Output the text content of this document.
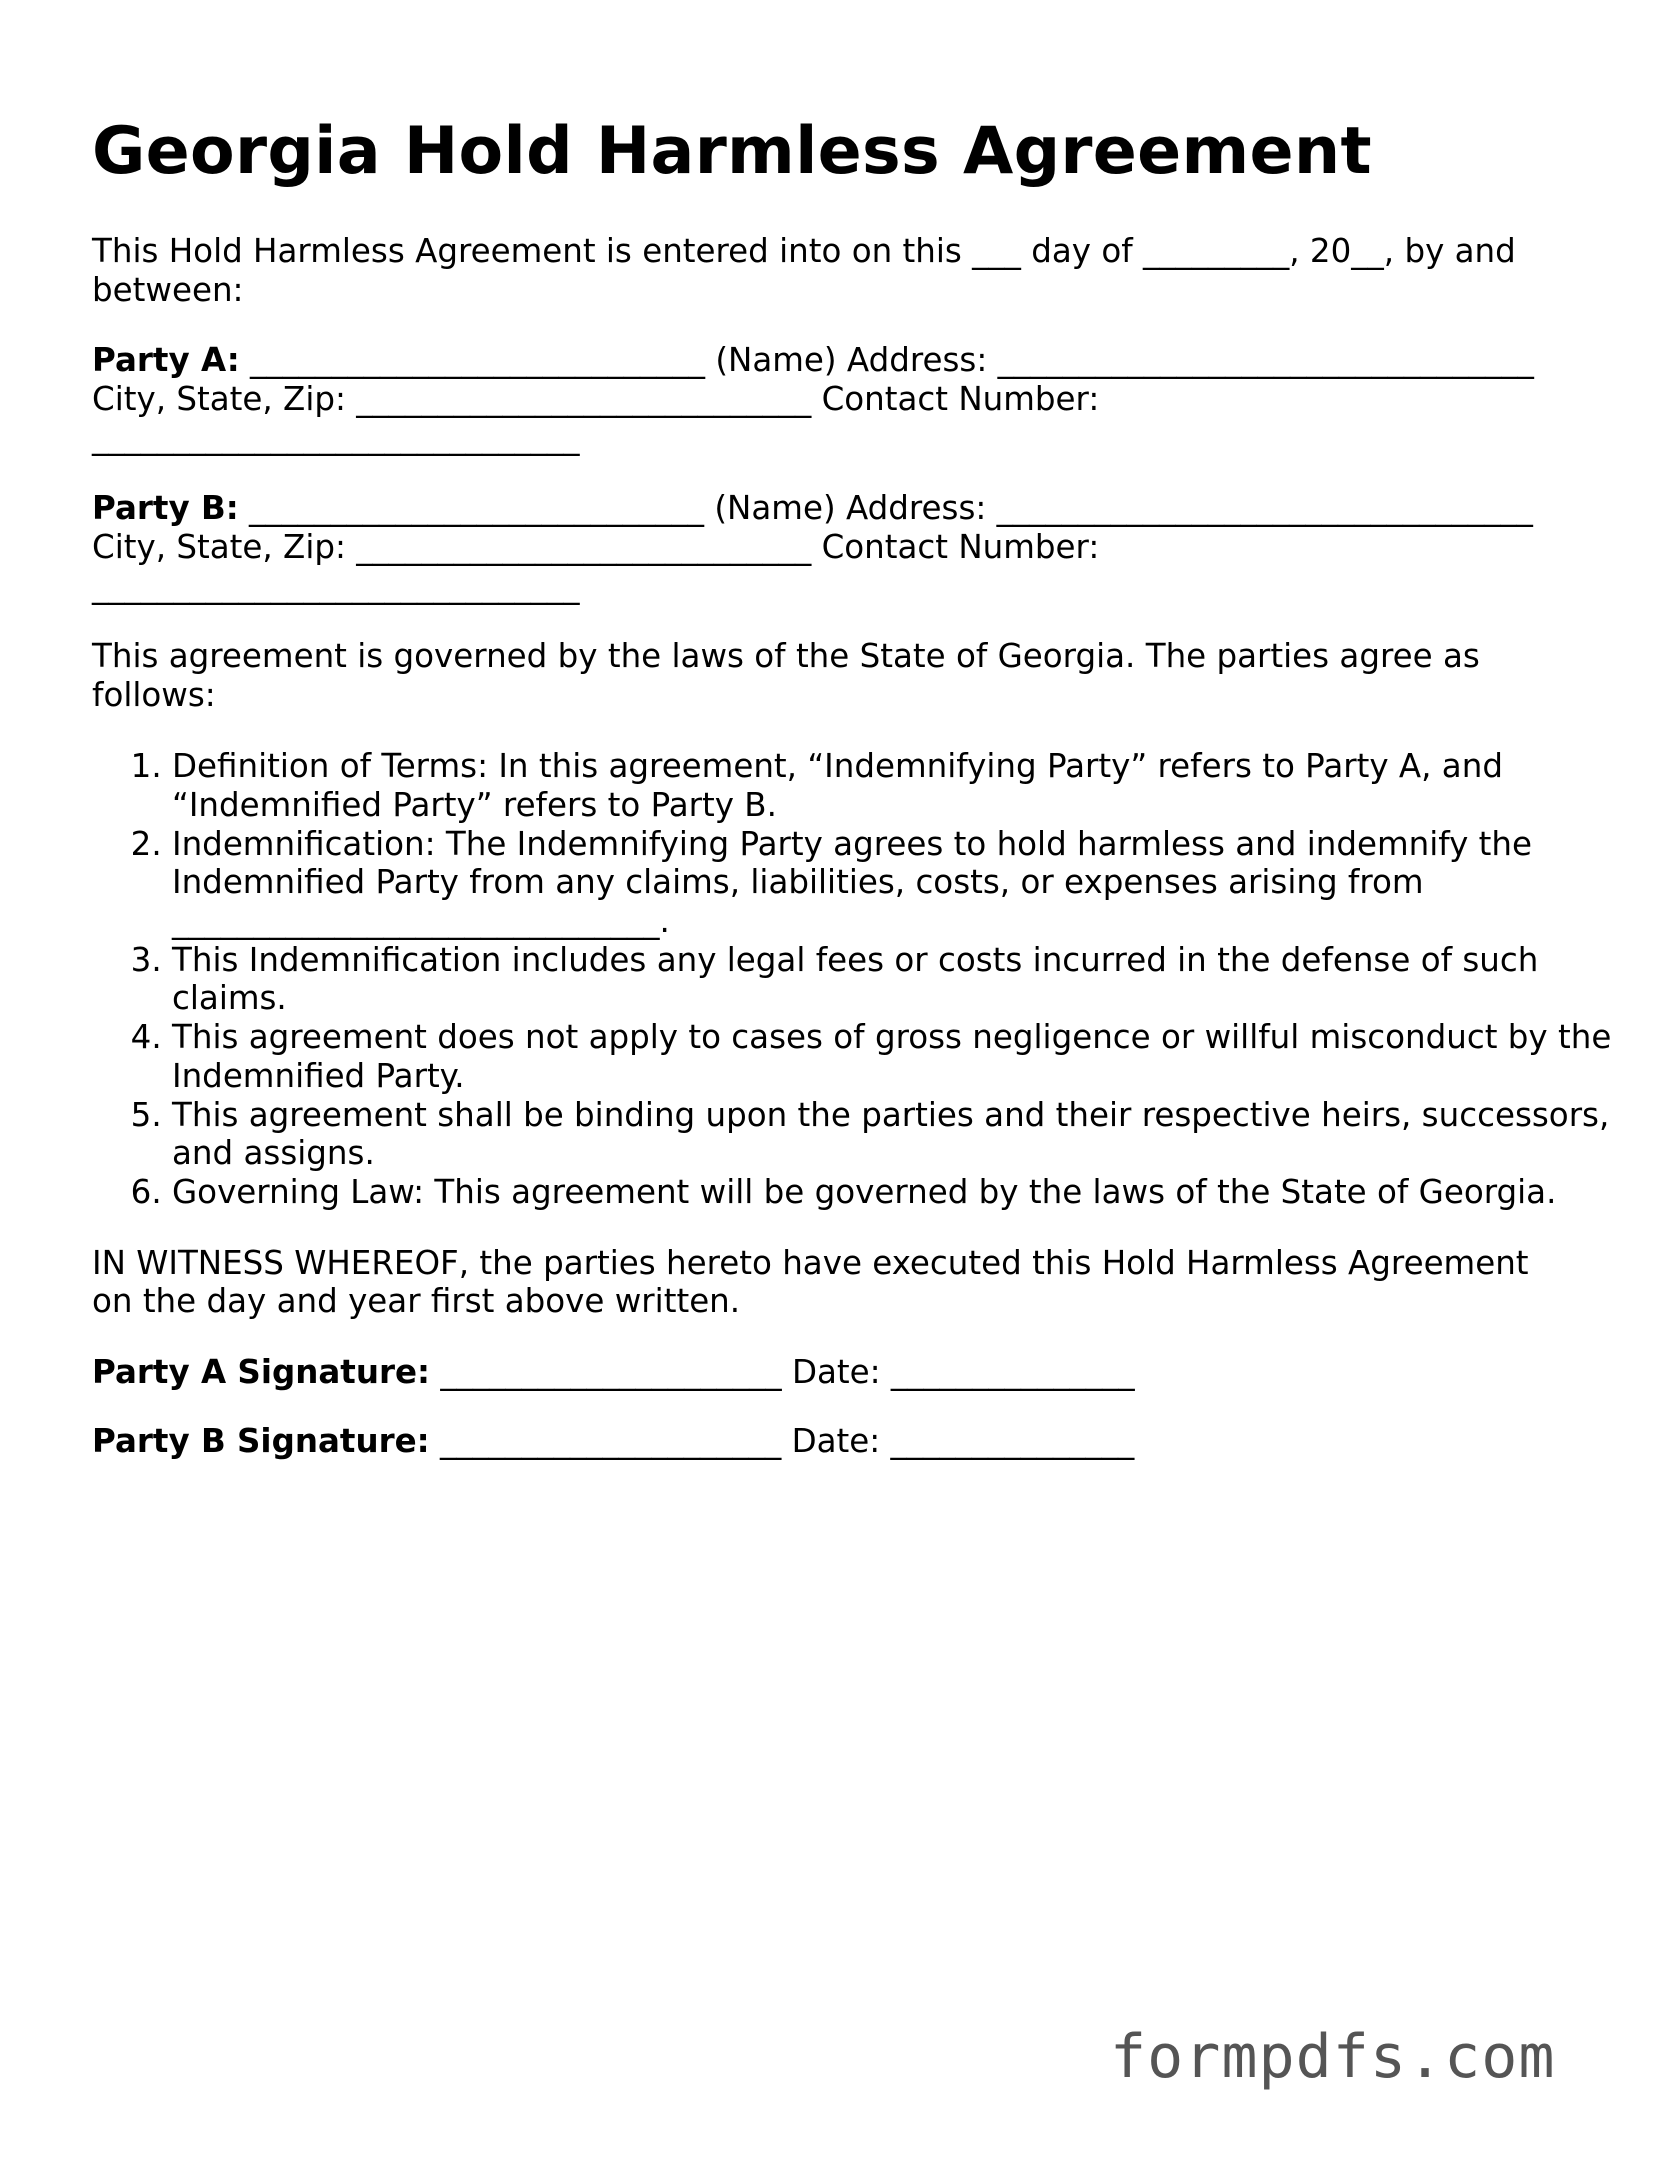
Georgia Hold Harmless Agreement

This Hold Harmless Agreement is entered into on this ___ day of _________, 20__, by and between:

Party A: ____________________________ (Name) Address: _________________________________ City, State, Zip: ____________________________ Contact Number: ______________________________

Party B: ____________________________ (Name) Address: _________________________________ City, State, Zip: ____________________________ Contact Number: ______________________________

This agreement is governed by the laws of the State of Georgia. The parties agree as follows:

1. Definition of Terms: In this agreement, “Indemnifying Party” refers to Party A, and “Indemnified Party” refers to Party B.
2. Indemnification: The Indemnifying Party agrees to hold harmless and indemnify the Indemnified Party from any claims, liabilities, costs, or expenses arising from ______________________________.
3. This Indemnification includes any legal fees or costs incurred in the defense of such claims.
4. This agreement does not apply to cases of gross negligence or willful misconduct by the Indemnified Party.
5. This agreement shall be binding upon the parties and their respective heirs, successors, and assigns.
6. Governing Law: This agreement will be governed by the laws of the State of Georgia.

IN WITNESS WHEREOF, the parties hereto have executed this Hold Harmless Agreement on the day and year first above written.

Party A Signature: _____________________ Date: _______________

Party B Signature: _____________________ Date: _______________

formpdfs.com
